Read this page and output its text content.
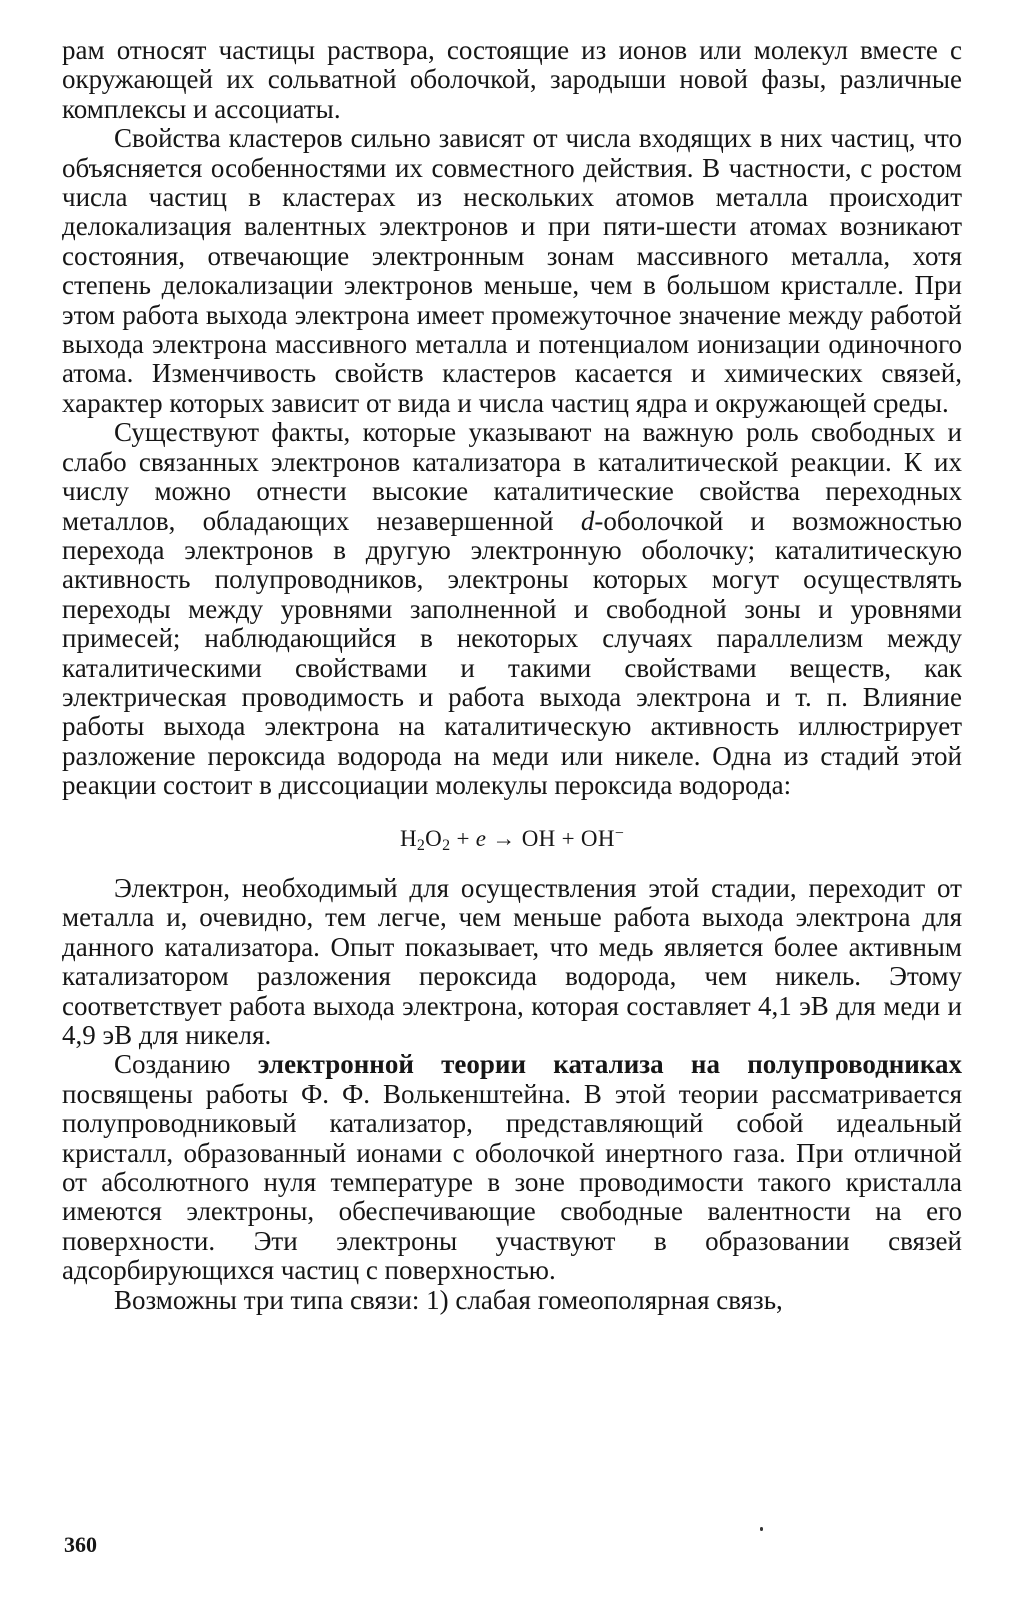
рам относят частицы раствора, состоящие из ионов или молекул вместе с окружающей их сольватной оболочкой, зародыши новой фазы, различные комплексы и ассоциаты.

Свойства кластеров сильно зависят от числа входящих в них частиц, что объясняется особенностями их совместного действия. В частности, с ростом числа частиц в кластерах из нескольких атомов металла происходит делокализация валентных электронов и при пяти-шести атомах возникают состояния, отвечающие электронным зонам массивного металла, хотя степень делокализации электронов меньше, чем в большом кристалле. При этом работа выхода электрона имеет промежуточное значение между работой выхода электрона массивного металла и потенциалом ионизации одиночного атома. Изменчивость свойств кластеров касается и химических связей, характер которых зависит от вида и числа частиц ядра и окружающей среды.

Существуют факты, которые указывают на важную роль свободных и слабо связанных электронов катализатора в каталитической реакции. К их числу можно отнести высокие каталитические свойства переходных металлов, обладающих незавершенной d-оболочкой и возможностью перехода электронов в другую электронную оболочку; каталитическую активность полупроводников, электроны которых могут осуществлять переходы между уровнями заполненной и свободной зоны и уровнями примесей; наблюдающийся в некоторых случаях параллелизм между каталитическими свойствами и такими свойствами веществ, как электрическая проводимость и работа выхода электрона и т. п. Влияние работы выхода электрона на каталитическую активность иллюстрирует разложение пероксида водорода на меди или никеле. Одна из стадий этой реакции состоит в диссоциации молекулы пероксида водорода:

$H_2O_2 + e$ → OH + OH−

Электрон, необходимый для осуществления этой стадии, переходит от металла и, очевидно, тем легче, чем меньше работа выхода электрона для данного катализатора. Опыт показывает, что медь является более активным катализатором разложения пероксида водорода, чем никель. Этому соответствует работа выхода электрона, которая составляет 4,1 эВ для меди и 4,9 эВ для никеля.

Созданию электронной теории катализа на полупроводниках посвящены работы Ф. Ф. Волькенштейна. В этой теории рассматривается полупроводниковый катализатор, представляющий собой идеальный кристалл, образованный ионами с оболочкой инертного газа. При отличной от абсолютного нуля температуре в зоне проводимости такого кристалла имеются электроны, обеспечивающие свободные валентности на его поверхности. Эти электроны участвуют в образовании связей адсорбирующихся частиц с поверхностью.

Возможны три типа связи: 1) слабая гомеополярная связь,

360
